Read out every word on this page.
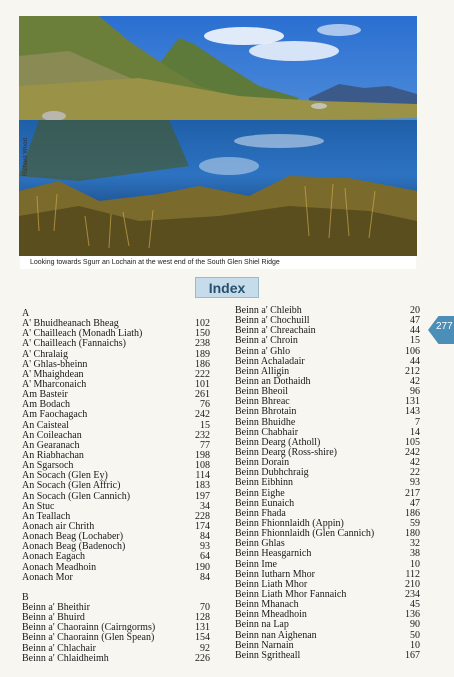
Richard Wood
Looking towards Sgurr an Lochain at the west end of the South Glen Shiel Ridge
Index
277
A
A' Bhuidheanach Bheag	102
A' Chailleach (Monadh Liath)	150
A' Chailleach (Fannaichs)	238
A' Chralaig	189
A' Ghlas-bheinn	186
A' Mhaighdean	222
A' Mharconaich	101
Am Basteir	261
Am Bodach	76
Am Faochagach	242
An Caisteal	15
An Coileachan	232
An Gearanach	77
An Riabhachan	198
An Sgarsoch	108
An Socach (Glen Ey)	114
An Socach (Glen Affric)	183
An Socach (Glen Cannich)	197
An Stuc	34
An Teallach	228
Aonach air Chrith	174
Aonach Beag (Lochaber)	84
Aonach Beag (Badenoch)	93
Aonach Eagach	64
Aonach Meadhoin	190
Aonach Mor	84
B
Beinn a' Bheithir	70
Beinn a' Bhuird	128
Beinn a' Chaorainn (Cairngorms)	131
Beinn a' Chaorainn (Glen Spean)	154
Beinn a' Chlachair	92
Beinn a' Chlaidheimh	226
Beinn a' Chleibh	20
Beinn a' Chochuill	47
Beinn a' Chreachain	44
Beinn a' Chroin	15
Beinn a' Ghlo	106
Beinn Achaladair	44
Beinn Alligin	212
Beinn an Dothaidh	42
Beinn Bheoil	96
Beinn Bhreac	131
Beinn Bhrotain	143
Beinn Bhuidhe	7
Beinn Chabhair	14
Beinn Dearg (Atholl)	105
Beinn Dearg (Ross-shire)	242
Beinn Dorain	42
Beinn Dubhchraig	22
Beinn Eibhinn	93
Beinn Eighe	217
Beinn Eunaich	47
Beinn Fhada	186
Beinn Fhionnlaidh (Appin)	59
Beinn Fhionnlaidh (Glen Cannich)	180
Beinn Ghlas	32
Beinn Heasgarnich	38
Beinn Ime	10
Beinn Iutharn Mhor	112
Beinn Liath Mhor	210
Beinn Liath Mhor Fannaich	234
Beinn Mhanach	45
Beinn Mheadhoin	136
Beinn na Lap	90
Beinn nan Aighenan	50
Beinn Narnain	10
Beinn Sgritheall	167
